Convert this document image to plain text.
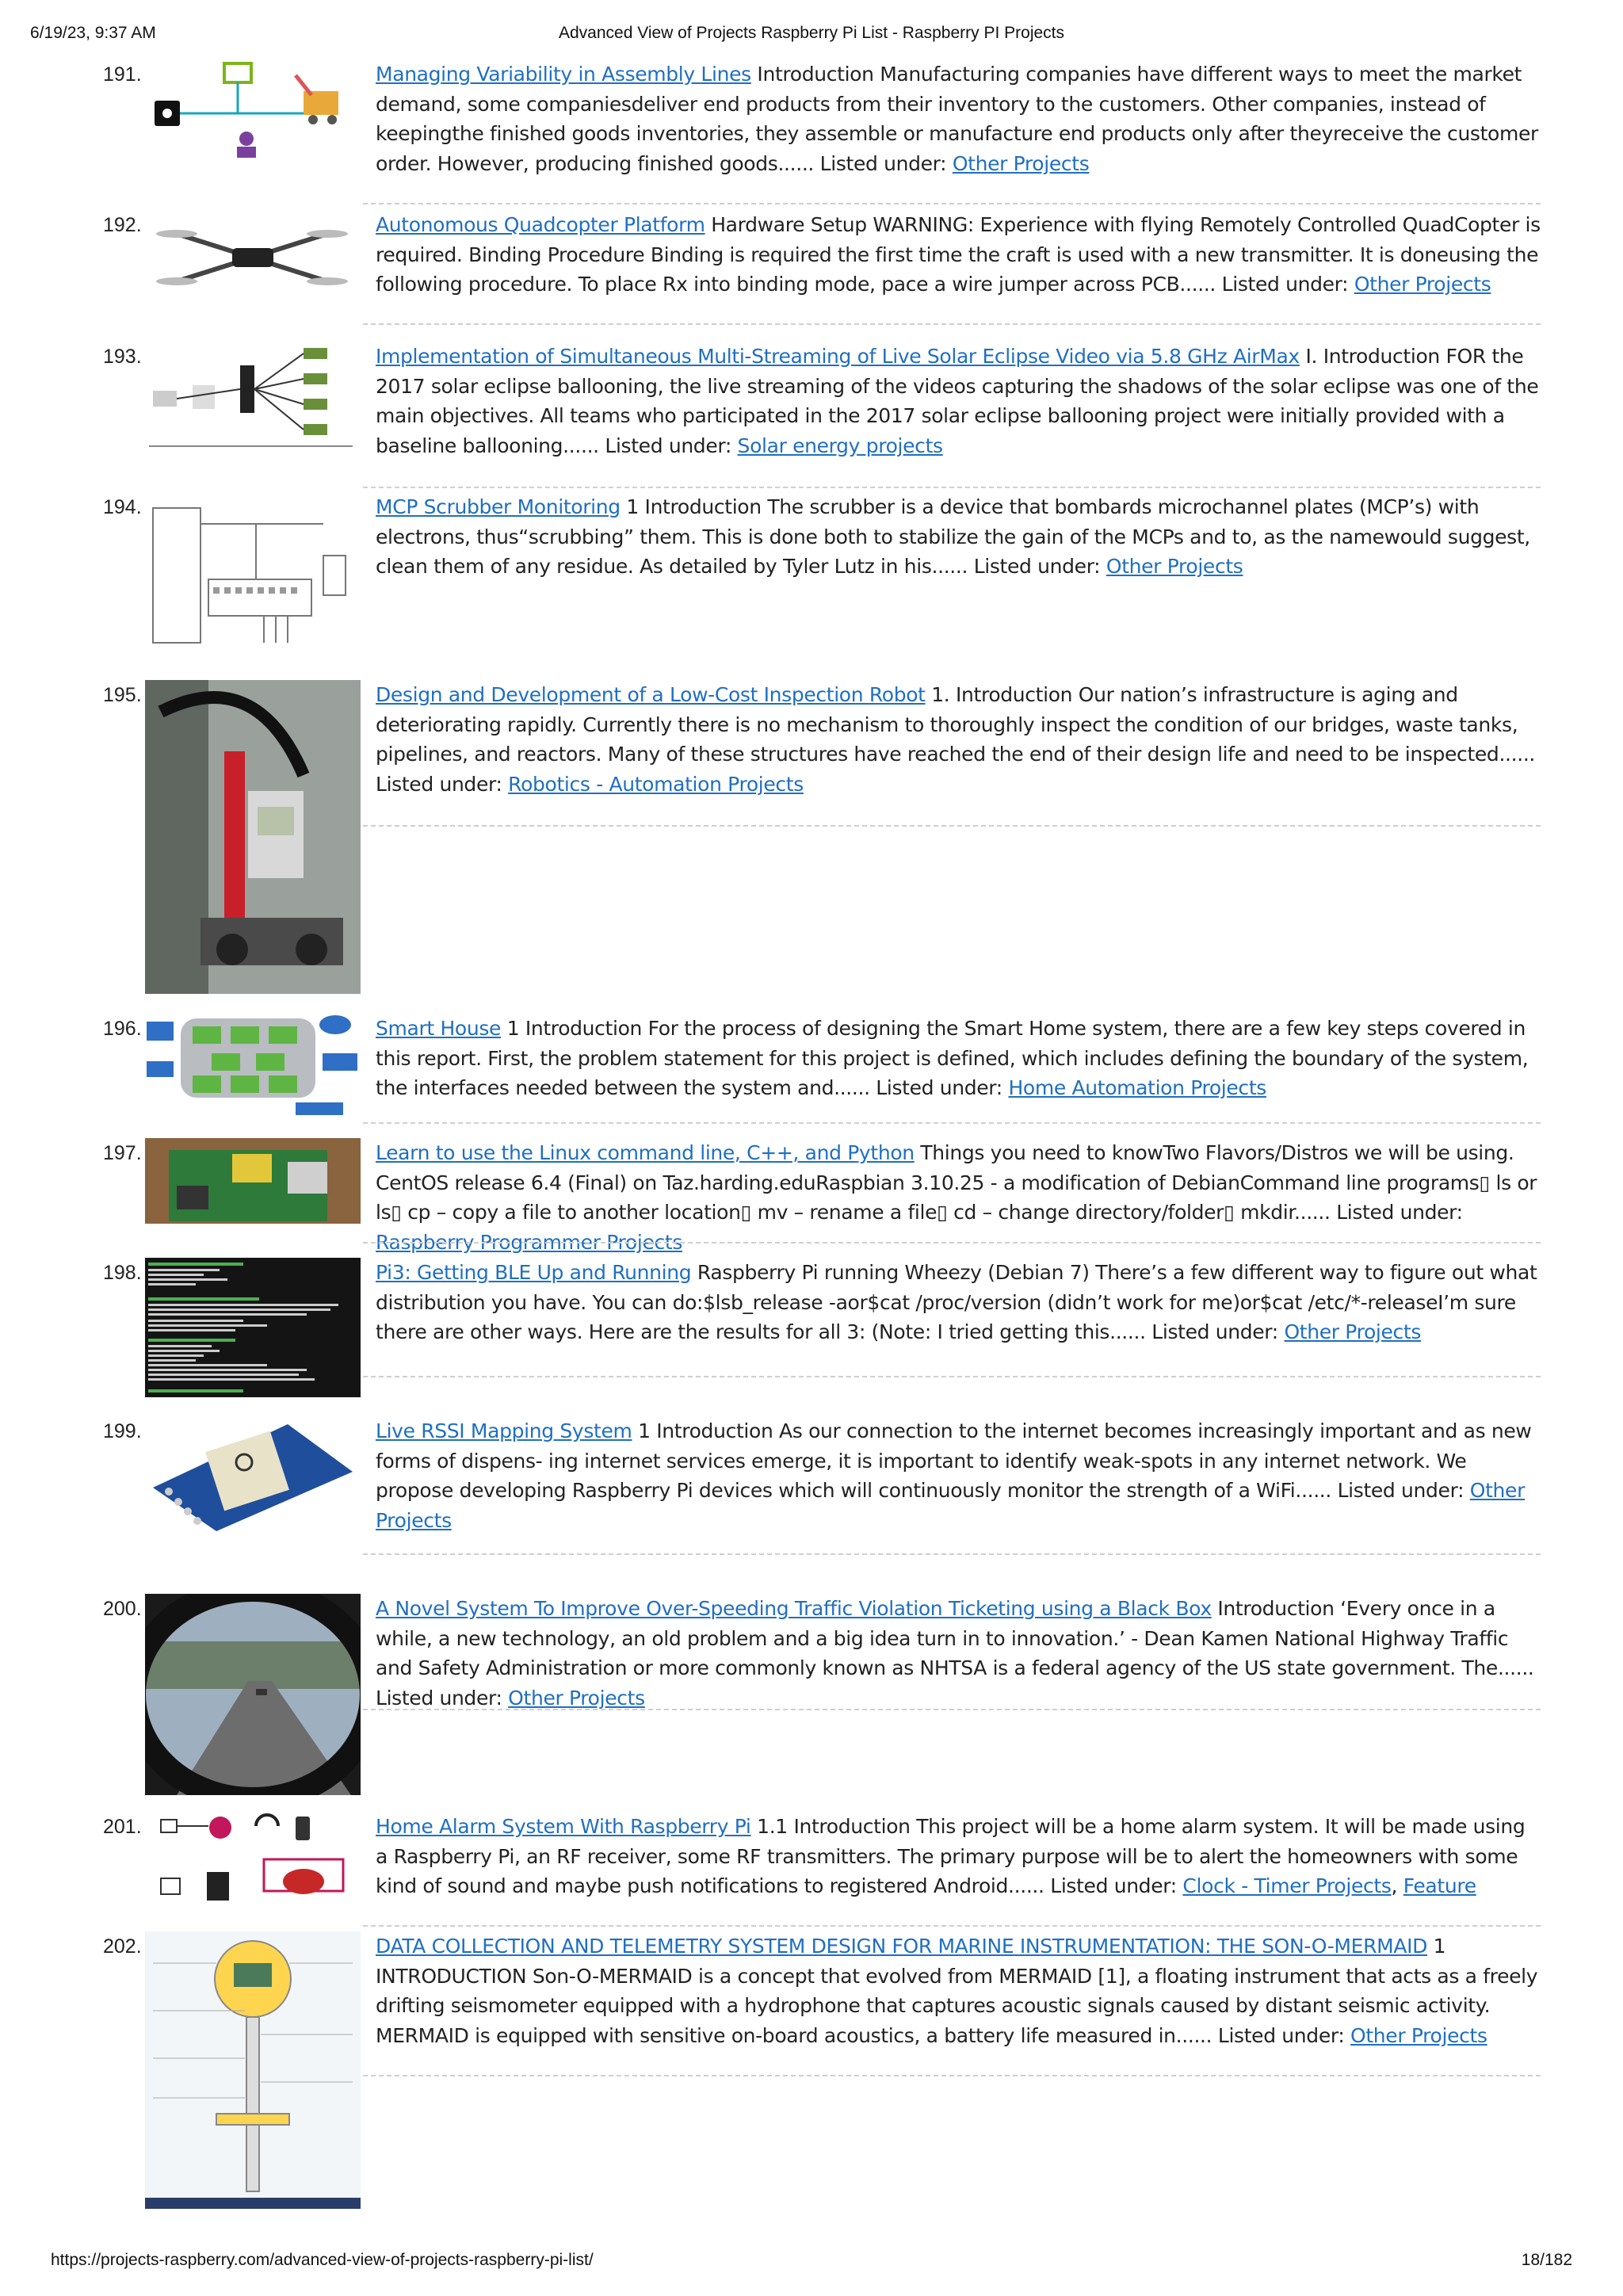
6/19/23, 9:37 AM	Advanced View of Projects Raspberry Pi List - Raspberry PI Projects
191.	Managing Variability in Assembly Lines Introduction Manufacturing companies have different ways to meet the market demand, some companiesdeliver end products from their inventory to the customers. Other companies, instead of keepingthe finished goods inventories, they assemble or manufacture end products only after theyreceive the customer order. However, producing finished goods...... Listed under: Other Projects
192.	Autonomous Quadcopter Platform Hardware Setup WARNING: Experience with flying Remotely Controlled QuadCopter is required. Binding Procedure Binding is required the first time the craft is used with a new transmitter. It is doneusing the following procedure. To place Rx into binding mode, pace a wire jumper across PCB...... Listed under: Other Projects
193.	Implementation of Simultaneous Multi-Streaming of Live Solar Eclipse Video via 5.8 GHz AirMax I. Introduction FOR the 2017 solar eclipse ballooning, the live streaming of the videos capturing the shadows of the solar eclipse was one of the main objectives. All teams who participated in the 2017 solar eclipse ballooning project were initially provided with a baseline ballooning...... Listed under: Solar energy projects
194.	MCP Scrubber Monitoring 1 Introduction The scrubber is a device that bombards microchannel plates (MCP’s) with electrons, thus“scrubbing” them. This is done both to stabilize the gain of the MCPs and to, as the namewould suggest, clean them of any residue. As detailed by Tyler Lutz in his...... Listed under: Other Projects
195.	Design and Development of a Low-Cost Inspection Robot 1. Introduction Our nation’s infrastructure is aging and deteriorating rapidly. Currently there is no mechanism to thoroughly inspect the condition of our bridges, waste tanks, pipelines, and reactors. Many of these structures have reached the end of their design life and need to be inspected...... Listed under: Robotics - Automation Projects
196.	Smart House 1 Introduction For the process of designing the Smart Home system, there are a few key steps covered in this report. First, the problem statement for this project is defined, which includes defining the boundary of the system, the interfaces needed between the system and...... Listed under: Home Automation Projects
197.	Learn to use the Linux command line, C++, and Python Things you need to knowTwo Flavors/Distros we will be using. CentOS release 6.4 (Final) on Taz.harding.eduRaspbian 3.10.25 - a modification of DebianCommand line programs▯ ls or ls▯ cp – copy a file to another location▯ mv – rename a file▯ cd – change directory/folder▯ mkdir...... Listed under: Raspberry Programmer Projects
198.	Pi3: Getting BLE Up and Running Raspberry Pi running Wheezy (Debian 7) There’s a few different way to figure out what distribution you have. You can do:$lsb_release -aor$cat /proc/version (didn’t work for me)or$cat /etc/*-releaseI’m sure there are other ways. Here are the results for all 3: (Note: I tried getting this...... Listed under: Other Projects
199.	Live RSSI Mapping System 1 Introduction As our connection to the internet becomes increasingly important and as new forms of dispens- ing internet services emerge, it is important to identify weak-spots in any internet network. We propose developing Raspberry Pi devices which will continuously monitor the strength of a WiFi...... Listed under: Other Projects
200.	A Novel System To Improve Over-Speeding Traffic Violation Ticketing using a Black Box Introduction ‘Every once in a while, a new technology, an old problem and a big idea turn in to innovation.’ - Dean Kamen National Highway Traffic and Safety Administration or more commonly known as NHTSA is a federal agency of the US state government. The...... Listed under: Other Projects
201.	Home Alarm System With Raspberry Pi 1.1 Introduction This project will be a home alarm system. It will be made using a Raspberry Pi, an RF receiver, some RF transmitters. The primary purpose will be to alert the homeowners with some kind of sound and maybe push notifications to registered Android...... Listed under: Clock - Timer Projects, Feature
202.	DATA COLLECTION AND TELEMETRY SYSTEM DESIGN FOR MARINE INSTRUMENTATION: THE SON-O-MERMAID 1 INTRODUCTION Son-O-MERMAID is a concept that evolved from MERMAID [1], a floating instrument that acts as a freely drifting seismometer equipped with a hydrophone that captures acoustic signals caused by distant seismic activity. MERMAID is equipped with sensitive on-board acoustics, a battery life measured in...... Listed under: Other Projects
https://projects-raspberry.com/advanced-view-of-projects-raspberry-pi-list/	18/182
